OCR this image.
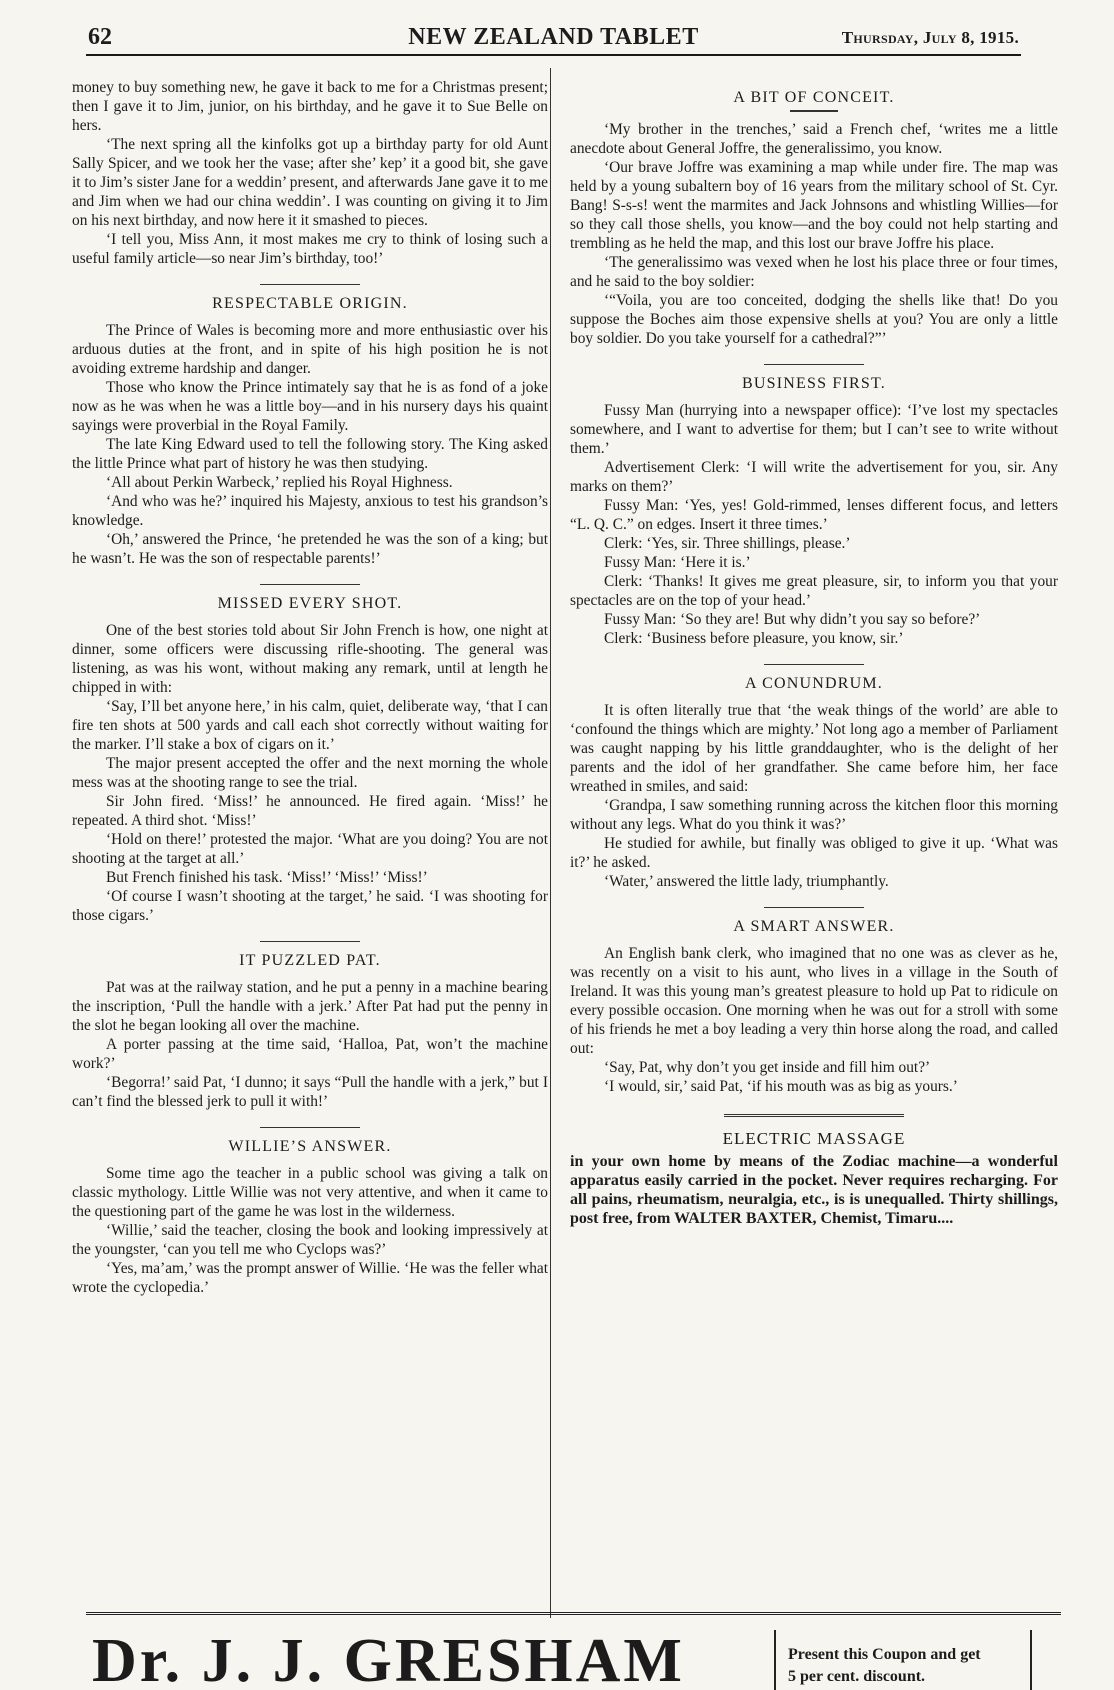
62	NEW ZEALAND TABLET	Thursday, July 8, 1915.

money to buy something new, he gave it back to me for a Christmas present; then I gave it to Jim, junior, on his birthday, and he gave it to Sue Belle on hers.

‘The next spring all the kinfolks got up a birthday party for old Aunt Sally Spicer, and we took her the vase; after she’ kep’ it a good bit, she gave it to Jim’s sister Jane for a weddin’ present, and afterwards Jane gave it to me and Jim when we had our china weddin’. I was counting on giving it to Jim on his next birthday, and now here it it smashed to pieces.

‘I tell you, Miss Ann, it most makes me cry to think of losing such a useful family article—so near Jim’s birthday, too!’

RESPECTABLE ORIGIN.

The Prince of Wales is becoming more and more enthusiastic over his arduous duties at the front, and in spite of his high position he is not avoiding extreme hardship and danger.

Those who know the Prince intimately say that he is as fond of a joke now as he was when he was a little boy—and in his nursery days his quaint sayings were proverbial in the Royal Family.

The late King Edward used to tell the following story. The King asked the little Prince what part of history he was then studying.

‘All about Perkin Warbeck,’ replied his Royal Highness.

‘And who was he?’ inquired his Majesty, anxious to test his grandson’s knowledge.

‘Oh,’ answered the Prince, ‘he pretended he was the son of a king; but he wasn’t. He was the son of respectable parents!’

MISSED EVERY SHOT.

One of the best stories told about Sir John French is how, one night at dinner, some officers were discussing rifle-shooting. The general was listening, as was his wont, without making any remark, until at length he chipped in with:

‘Say, I’ll bet anyone here,’ in his calm, quiet, deliberate way, ‘that I can fire ten shots at 500 yards and call each shot correctly without waiting for the marker. I’ll stake a box of cigars on it.’

The major present accepted the offer and the next morning the whole mess was at the shooting range to see the trial.

Sir John fired. ‘Miss!’ he announced. He fired again. ‘Miss!’ he repeated. A third shot. ‘Miss!’

‘Hold on there!’ protested the major. ‘What are you doing? You are not shooting at the target at all.’

But French finished his task. ‘Miss!’ ‘Miss!’ ‘Miss!’

‘Of course I wasn’t shooting at the target,’ he said. ‘I was shooting for those cigars.’

IT PUZZLED PAT.

Pat was at the railway station, and he put a penny in a machine bearing the inscription, ‘Pull the handle with a jerk.’ After Pat had put the penny in the slot he began looking all over the machine.

A porter passing at the time said, ‘Halloa, Pat, won’t the machine work?’

‘Begorra!’ said Pat, ‘I dunno; it says “Pull the handle with a jerk,” but I can’t find the blessed jerk to pull it with!’

WILLIE’S ANSWER.

Some time ago the teacher in a public school was giving a talk on classic mythology. Little Willie was not very attentive, and when it came to the questioning part of the game he was lost in the wilderness.

‘Willie,’ said the teacher, closing the book and looking impressively at the youngster, ‘can you tell me who Cyclops was?’

‘Yes, ma’am,’ was the prompt answer of Willie. ‘He was the feller what wrote the cyclopedia.’

A BIT OF CONCEIT.

‘My brother in the trenches,’ said a French chef, ‘writes me a little anecdote about General Joffre, the generalissimo, you know.

‘Our brave Joffre was examining a map while under fire. The map was held by a young subaltern boy of 16 years from the military school of St. Cyr. Bang! S-s-s! went the marmites and Jack Johnsons and whistling Willies—for so they call those shells, you know—and the boy could not help starting and trembling as he held the map, and this lost our brave Joffre his place.

‘The generalissimo was vexed when he lost his place three or four times, and he said to the boy soldier:

‘“Voila, you are too conceited, dodging the shells like that! Do you suppose the Boches aim those expensive shells at you? You are only a little boy soldier. Do you take yourself for a cathedral?”’

BUSINESS FIRST.

Fussy Man (hurrying into a newspaper office): ‘I’ve lost my spectacles somewhere, and I want to advertise for them; but I can’t see to write without them.’

Advertisement Clerk: ‘I will write the advertisement for you, sir. Any marks on them?’

Fussy Man: ‘Yes, yes! Gold-rimmed, lenses different focus, and letters “L. Q. C.” on edges. Insert it three times.’

Clerk: ‘Yes, sir. Three shillings, please.’

Fussy Man: ‘Here it is.’

Clerk: ‘Thanks! It gives me great pleasure, sir, to inform you that your spectacles are on the top of your head.’

Fussy Man: ‘So they are! But why didn’t you say so before?’

Clerk: ‘Business before pleasure, you know, sir.’

A CONUNDRUM.

It is often literally true that ‘the weak things of the world’ are able to ‘confound the things which are mighty.’ Not long ago a member of Parliament was caught napping by his little granddaughter, who is the delight of her parents and the idol of her grandfather. She came before him, her face wreathed in smiles, and said:

‘Grandpa, I saw something running across the kitchen floor this morning without any legs. What do you think it was?’

He studied for awhile, but finally was obliged to give it up. ‘What was it?’ he asked.

‘Water,’ answered the little lady, triumphantly.

A SMART ANSWER.

An English bank clerk, who imagined that no one was as clever as he, was recently on a visit to his aunt, who lives in a village in the South of Ireland. It was this young man’s greatest pleasure to hold up Pat to ridicule on every possible occasion. One morning when he was out for a stroll with some of his friends he met a boy leading a very thin horse along the road, and called out:

‘Say, Pat, why don’t you get inside and fill him out?’

‘I would, sir,’ said Pat, ‘if his mouth was as big as yours.’

ELECTRIC MASSAGE
in your own home by means of the Zodiac machine—a wonderful apparatus easily carried in the pocket. Never requires recharging. For all pains, rheumatism, neuralgia, etc., is is unequalled. Thirty shillings, post free, from WALTER BAXTER, Chemist, Timaru....
Dr. J. J. GRESHAM	Present this Coupon and get
5 per cent. discount.
